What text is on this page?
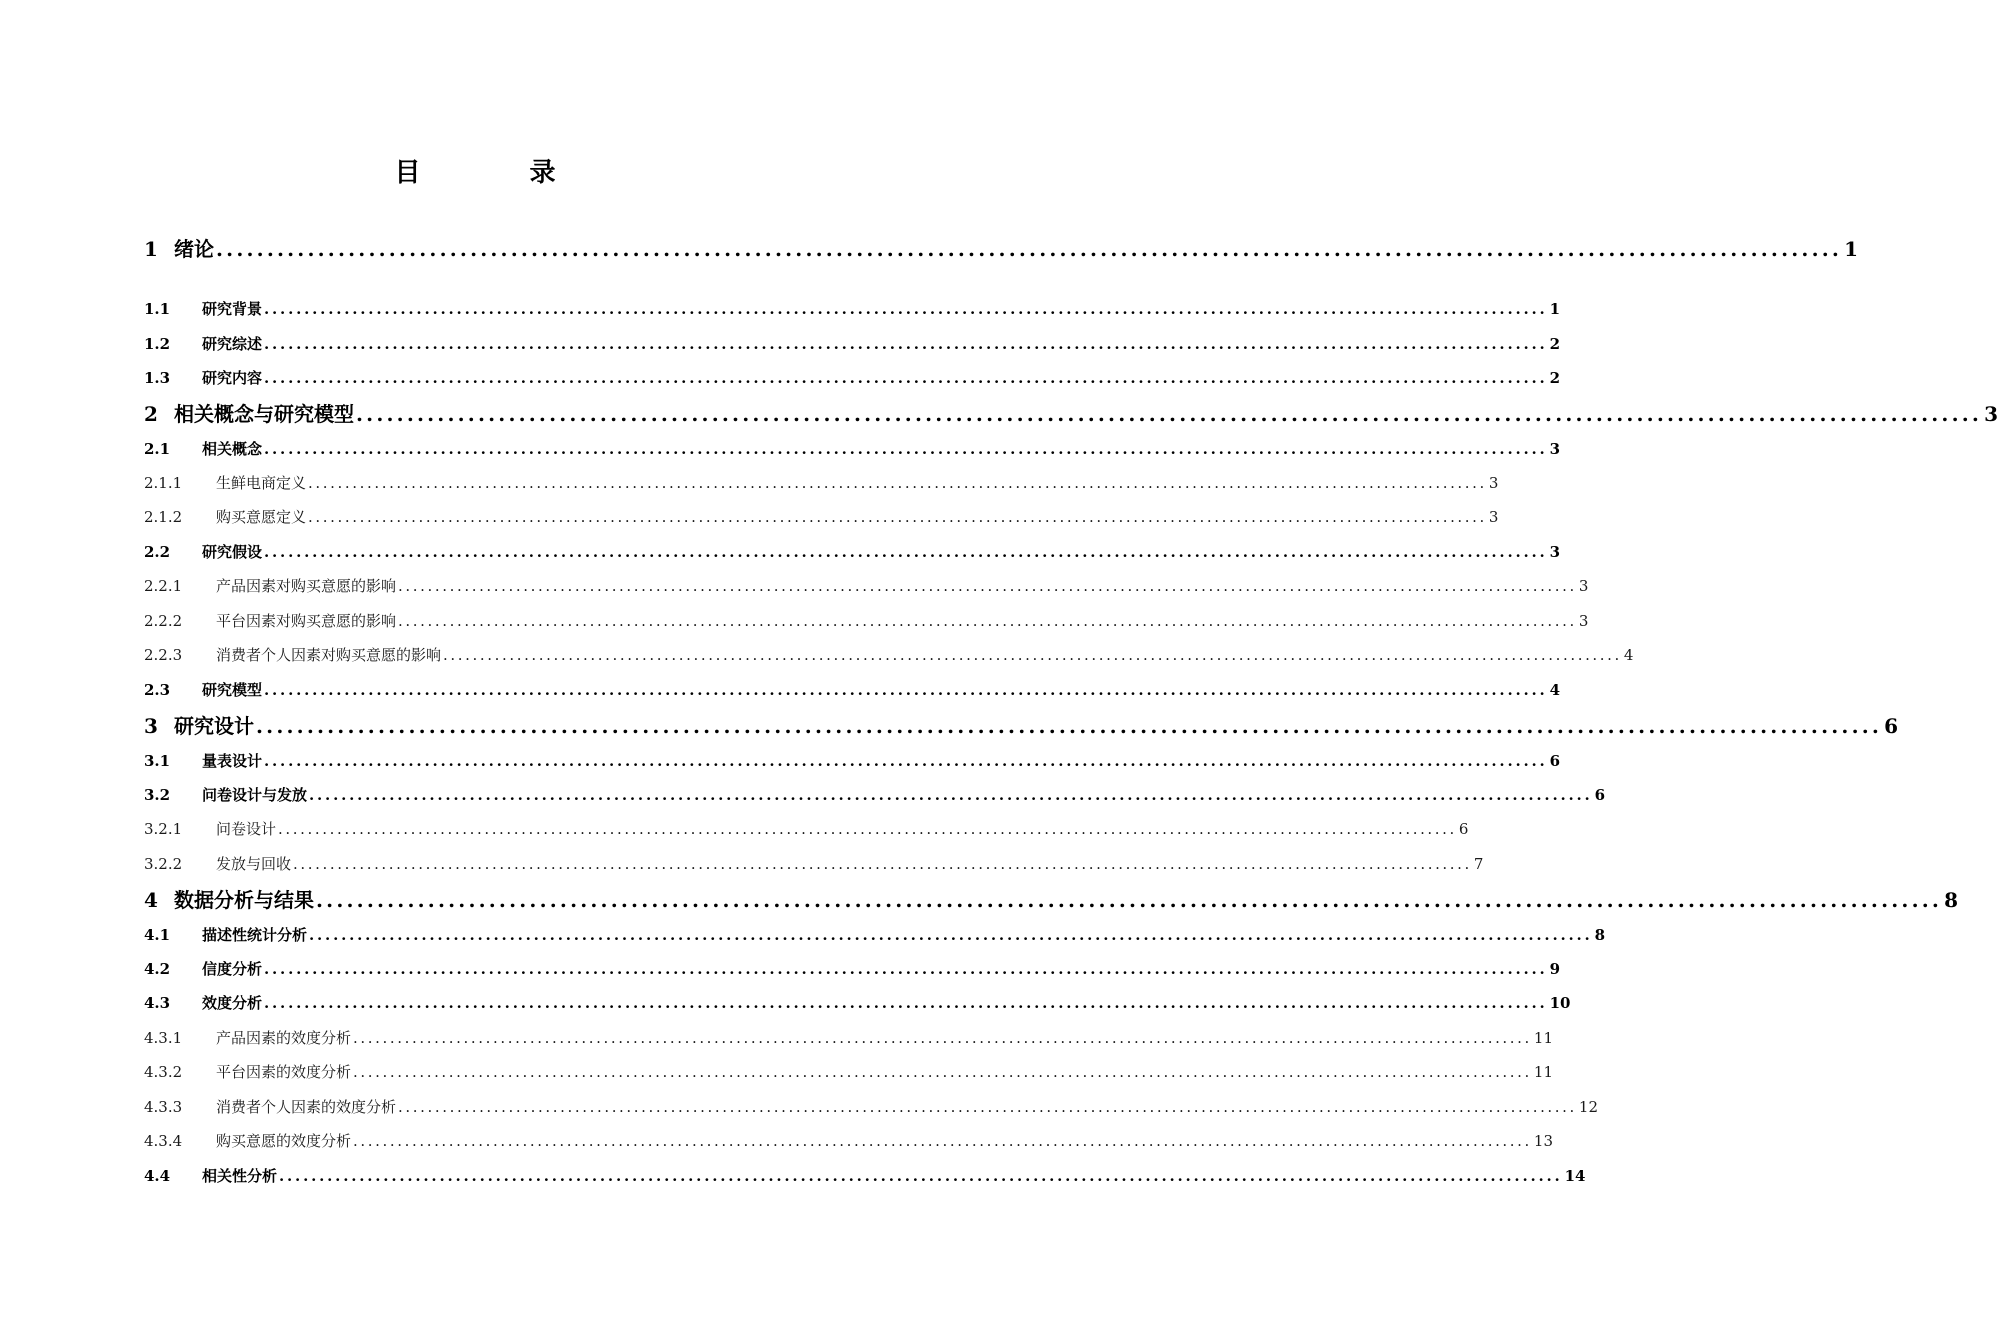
目 录
1 绪论 ................................................................................................................................................................ 1
1.1	研究背景 ................................................................................................................................................................ 1
1.2	研究综述 ................................................................................................................................................................ 2
1.3	研究内容 ................................................................................................................................................................ 2
2 相关概念与研究模型 ................................................................................................................................................................ 3
2.1	相关概念 ................................................................................................................................................................ 3
2.1.1	生鲜电商定义 ................................................................................................................................................................ 3
2.1.2	购买意愿定义 ................................................................................................................................................................ 3
2.2	研究假设 ................................................................................................................................................................ 3
2.2.1	产品因素对购买意愿的影响 ................................................................................................................................................................ 3
2.2.2	平台因素对购买意愿的影响 ................................................................................................................................................................ 3
2.2.3	消费者个人因素对购买意愿的影响 ................................................................................................................................................................ 4
2.3	研究模型 ................................................................................................................................................................ 4
3 研究设计 ................................................................................................................................................................ 6
3.1	量表设计 ................................................................................................................................................................ 6
3.2	问卷设计与发放 ................................................................................................................................................................ 6
3.2.1	问卷设计 ................................................................................................................................................................ 6
3.2.2	发放与回收 ................................................................................................................................................................ 7
4 数据分析与结果 ................................................................................................................................................................ 8
4.1	描述性统计分析 ................................................................................................................................................................ 8
4.2	信度分析 ................................................................................................................................................................ 9
4.3	效度分析 ................................................................................................................................................................ 10
4.3.1	产品因素的效度分析 ................................................................................................................................................................ 11
4.3.2	平台因素的效度分析 ................................................................................................................................................................ 11
4.3.3	消费者个人因素的效度分析 ................................................................................................................................................................ 12
4.3.4	购买意愿的效度分析 ................................................................................................................................................................ 13
4.4	相关性分析 ................................................................................................................................................................ 14
